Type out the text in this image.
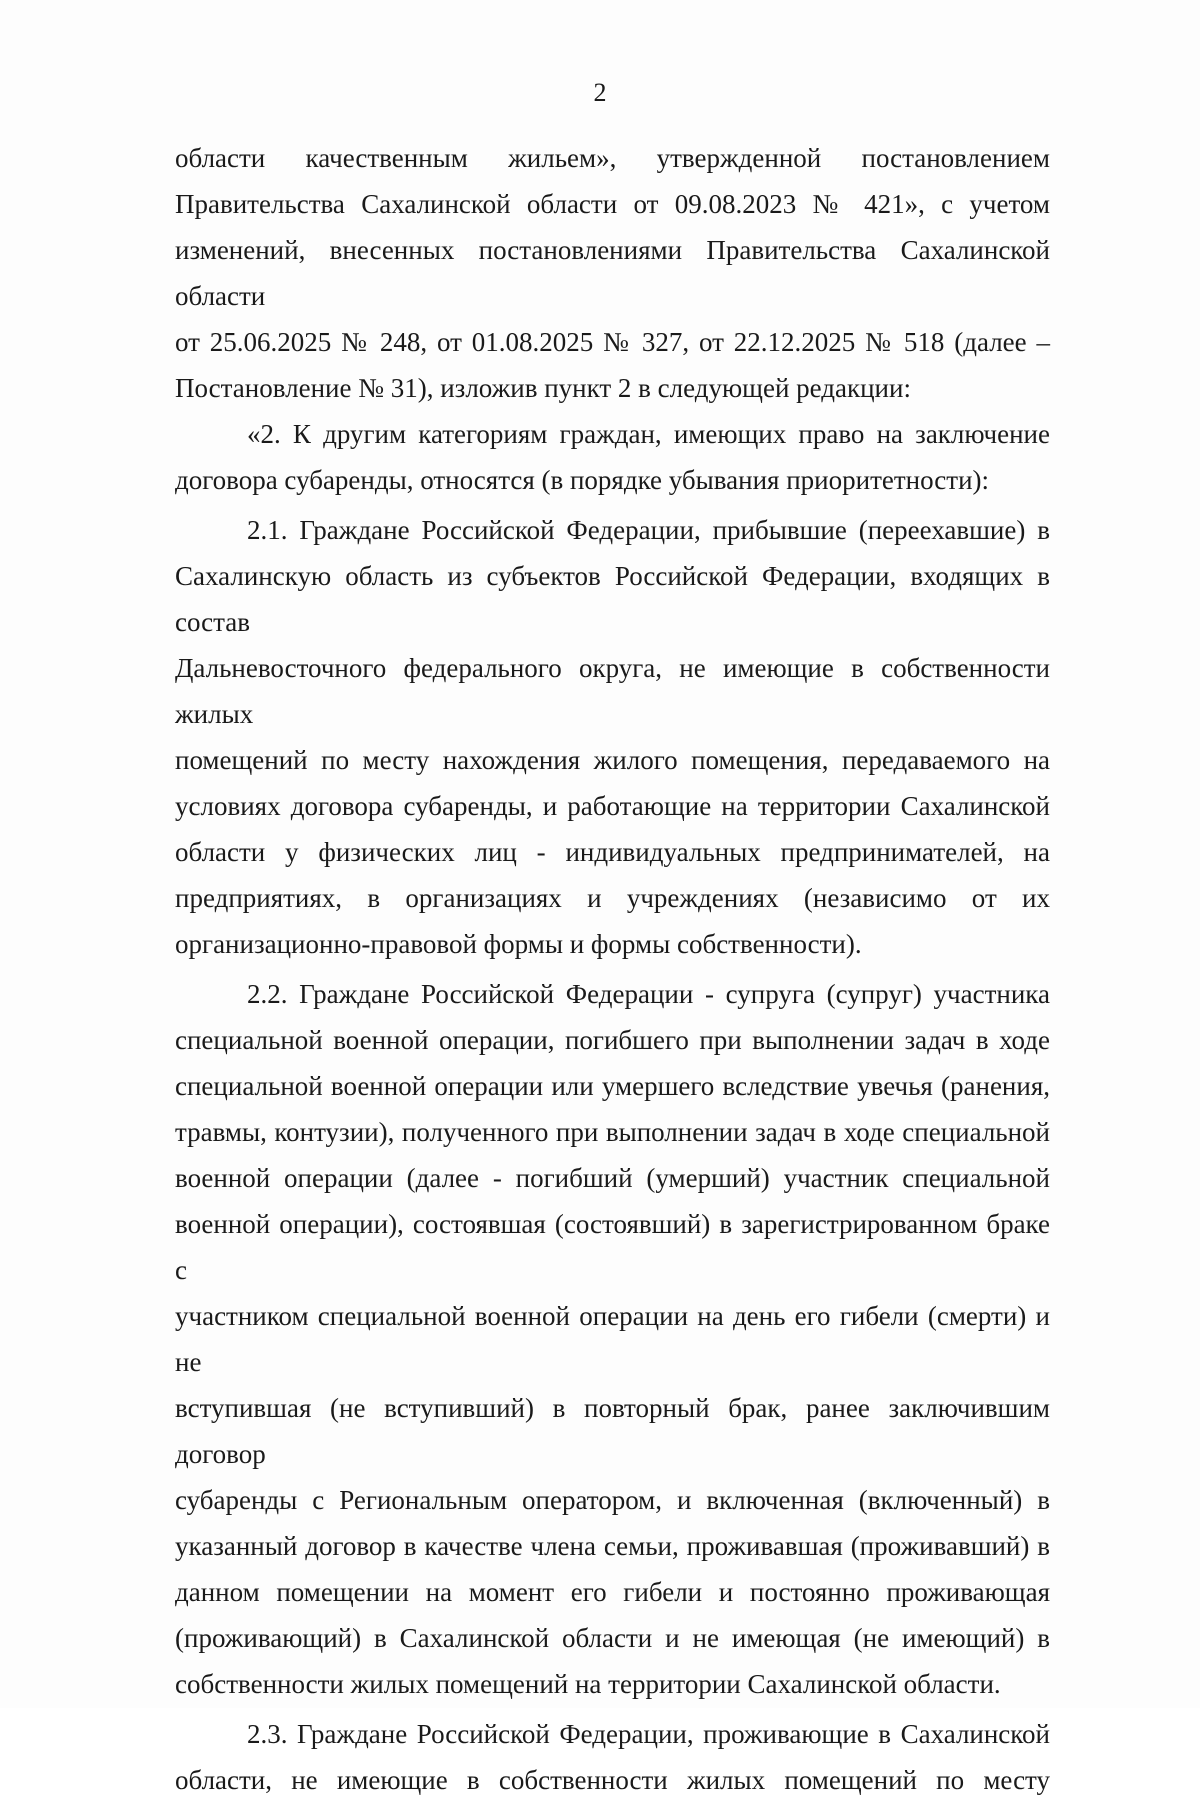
2

области качественным жильем», утвержденной постановлением
Правительства Сахалинской области от 09.08.2023 № 421», с учетом
изменений, внесенных постановлениями Правительства Сахалинской области
от 25.06.2025 № 248, от 01.08.2025 № 327, от 22.12.2025 № 518 (далее –
Постановление № 31), изложив пункт 2 в следующей редакции:

«2. К другим категориям граждан, имеющих право на заключение
договора субаренды, относятся (в порядке убывания приоритетности):

2.1. Граждане Российской Федерации, прибывшие (переехавшие) в
Сахалинскую область из субъектов Российской Федерации, входящих в состав
Дальневосточного федерального округа, не имеющие в собственности жилых
помещений по месту нахождения жилого помещения, передаваемого на
условиях договора субаренды, и работающие на территории Сахалинской
области у физических лиц - индивидуальных предпринимателей, на
предприятиях, в организациях и учреждениях (независимо от их
организационно-правовой формы и формы собственности).

2.2. Граждане Российской Федерации - супруга (супруг) участника
специальной военной операции, погибшего при выполнении задач в ходе
специальной военной операции или умершего вследствие увечья (ранения,
травмы, контузии), полученного при выполнении задач в ходе специальной
военной операции (далее - погибший (умерший) участник специальной
военной операции), состоявшая (состоявший) в зарегистрированном браке с
участником специальной военной операции на день его гибели (смерти) и не
вступившая (не вступивший) в повторный брак, ранее заключившим договор
субаренды с Региональным оператором, и включенная (включенный) в
указанный договор в качестве члена семьи, проживавшая (проживавший) в
данном помещении на момент его гибели и постоянно проживающая
(проживающий) в Сахалинской области и не имеющая (не имеющий) в
собственности жилых помещений на территории Сахалинской области.

2.3. Граждане Российской Федерации, проживающие в Сахалинской
области, не имеющие в собственности жилых помещений по месту
